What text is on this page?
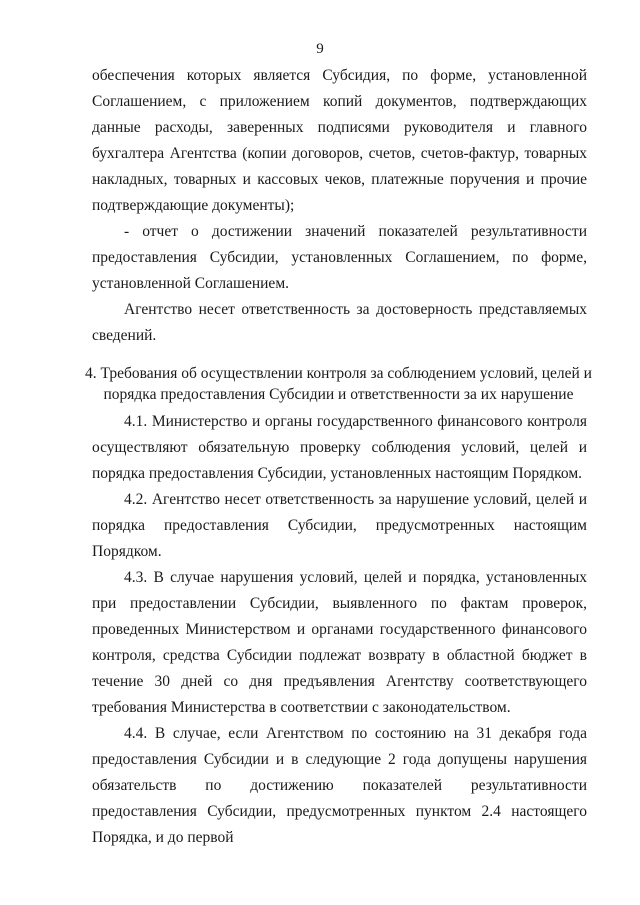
9

обеспечения которых является Субсидия, по форме, установленной Соглашением, с приложением копий документов, подтверждающих данные расходы, заверенных подписями руководителя и главного бухгалтера Агентства (копии договоров, счетов, счетов-фактур, товарных накладных, товарных и кассовых чеков, платежные поручения и прочие подтверждающие документы);

- отчет о достижении значений показателей результативности предоставления Субсидии, установленных Соглашением, по форме, установленной Соглашением.

Агентство несет ответственность за достоверность представляемых сведений.

4. Требования об осуществлении контроля за соблюдением условий, целей и
порядка предоставления Субсидии и ответственности за их нарушение

4.1. Министерство и органы государственного финансового контроля осуществляют обязательную проверку соблюдения условий, целей и порядка предоставления Субсидии, установленных настоящим Порядком.

4.2. Агентство несет ответственность за нарушение условий, целей и порядка предоставления Субсидии, предусмотренных настоящим Порядком.

4.3. В случае нарушения условий, целей и порядка, установленных при предоставлении Субсидии, выявленного по фактам проверок, проведенных Министерством и органами государственного финансового контроля, средства Субсидии подлежат возврату в областной бюджет в течение 30 дней со дня предъявления Агентству соответствующего требования Министерства в соответствии с законодательством.

4.4. В случае, если Агентством по состоянию на 31 декабря года предоставления Субсидии и в следующие 2 года допущены нарушения обязательств по достижению показателей результативности предоставления Субсидии, предусмотренных пунктом 2.4 настоящего Порядка, и до первой
